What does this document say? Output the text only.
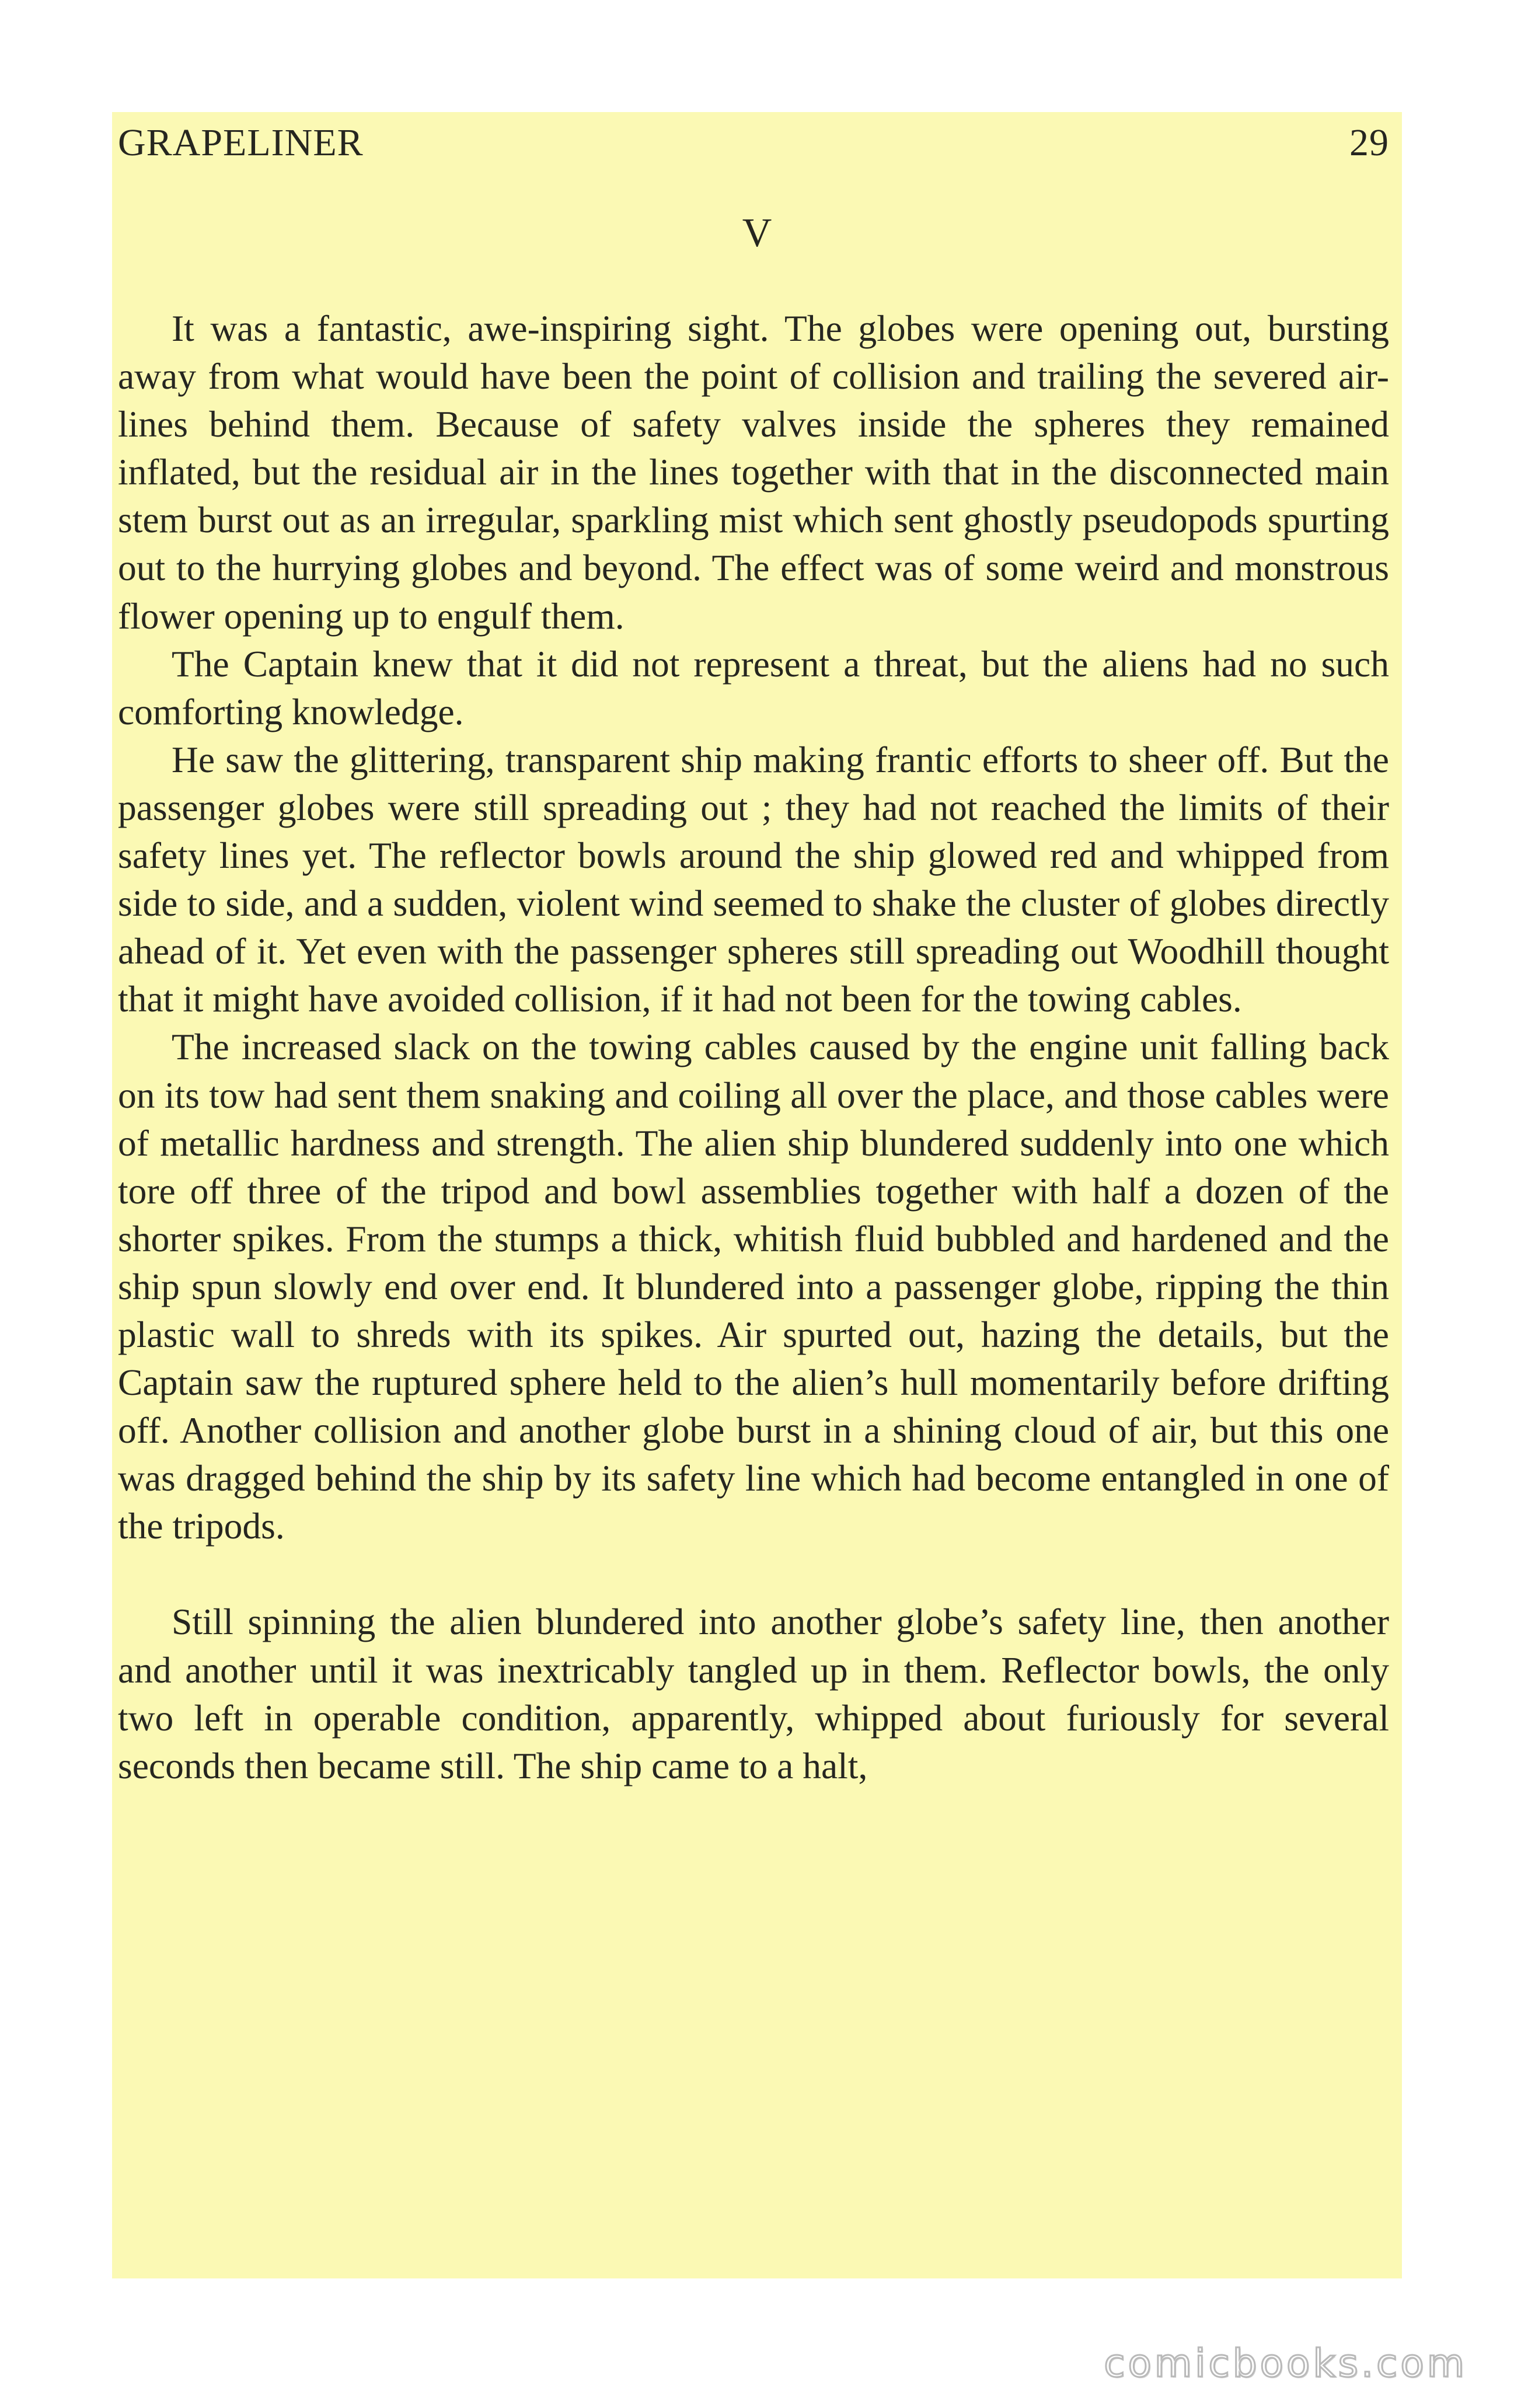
GRAPELINER	29
V

It was a fantastic, awe-inspiring sight. The globes were opening out, bursting away from what would have been the point of collision and trailing the severed air-lines behind them. Because of safety valves inside the spheres they remained inflated, but the residual air in the lines together with that in the disconnected main stem burst out as an irregular, sparkling mist which sent ghostly pseudopods spurting out to the hurrying globes and beyond. The effect was of some weird and monstrous flower opening up to engulf them.

The Captain knew that it did not represent a threat, but the aliens had no such comforting knowledge.

He saw the glittering, transparent ship making frantic efforts to sheer off. But the passenger globes were still spreading out ; they had not reached the limits of their safety lines yet. The reflector bowls around the ship glowed red and whipped from side to side, and a sudden, violent wind seemed to shake the cluster of globes directly ahead of it. Yet even with the passenger spheres still spreading out Woodhill thought that it might have avoided collision, if it had not been for the towing cables.

The increased slack on the towing cables caused by the engine unit falling back on its tow had sent them snaking and coiling all over the place, and those cables were of metallic hardness and strength. The alien ship blundered suddenly into one which tore off three of the tripod and bowl assemblies together with half a dozen of the shorter spikes. From the stumps a thick, whitish fluid bubbled and hardened and the ship spun slowly end over end. It blundered into a passenger globe, ripping the thin plastic wall to shreds with its spikes. Air spurted out, hazing the details, but the Captain saw the ruptured sphere held to the alien’s hull momentarily before drifting off. Another collision and another globe burst in a shining cloud of air, but this one was dragged behind the ship by its safety line which had become entangled in one of the tripods.

Still spinning the alien blundered into another globe’s safety line, then another and another until it was inextricably tangled up in them. Reflector bowls, the only two left in operable condition, apparently, whipped about furiously for several seconds then became still. The ship came to a halt,

comicbooks.com
